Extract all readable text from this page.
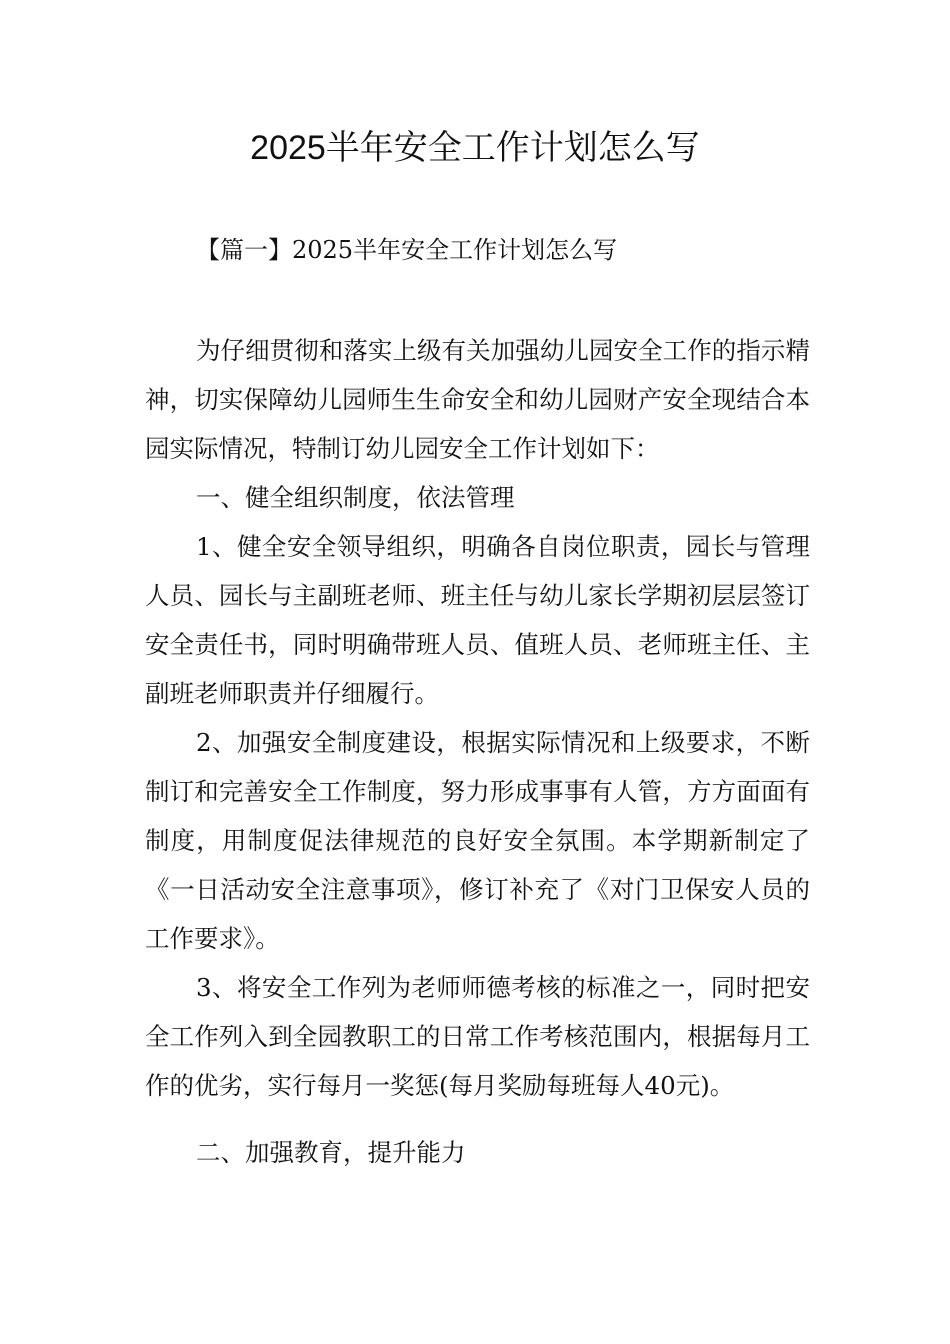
2025半年安全工作计划怎么写
【篇一】2025半年安全工作计划怎么写

为仔细贯彻和落实上级有关加强幼儿园安全工作的指示精神，切实保障幼儿园师生生命安全和幼儿园财产安全现结合本园实际情况，特制订幼儿园安全工作计划如下：

一、健全组织制度，依法管理

1、健全安全领导组织，明确各自岗位职责，园长与管理人员、园长与主副班老师、班主任与幼儿家长学期初层层签订安全责任书，同时明确带班人员、值班人员、老师班主任、主副班老师职责并仔细履行。

2、加强安全制度建设，根据实际情况和上级要求，不断制订和完善安全工作制度，努力形成事事有人管，方方面面有制度，用制度促法律规范的良好安全氛围。本学期新制定了《一日活动安全注意事项》，修订补充了《对门卫保安人员的工作要求》。

3、将安全工作列为老师师德考核的标准之一，同时把安全工作列入到全园教职工的日常工作考核范围内，根据每月工作的优劣，实行每月一奖惩(每月奖励每班每人40元)。

二、加强教育，提升能力
